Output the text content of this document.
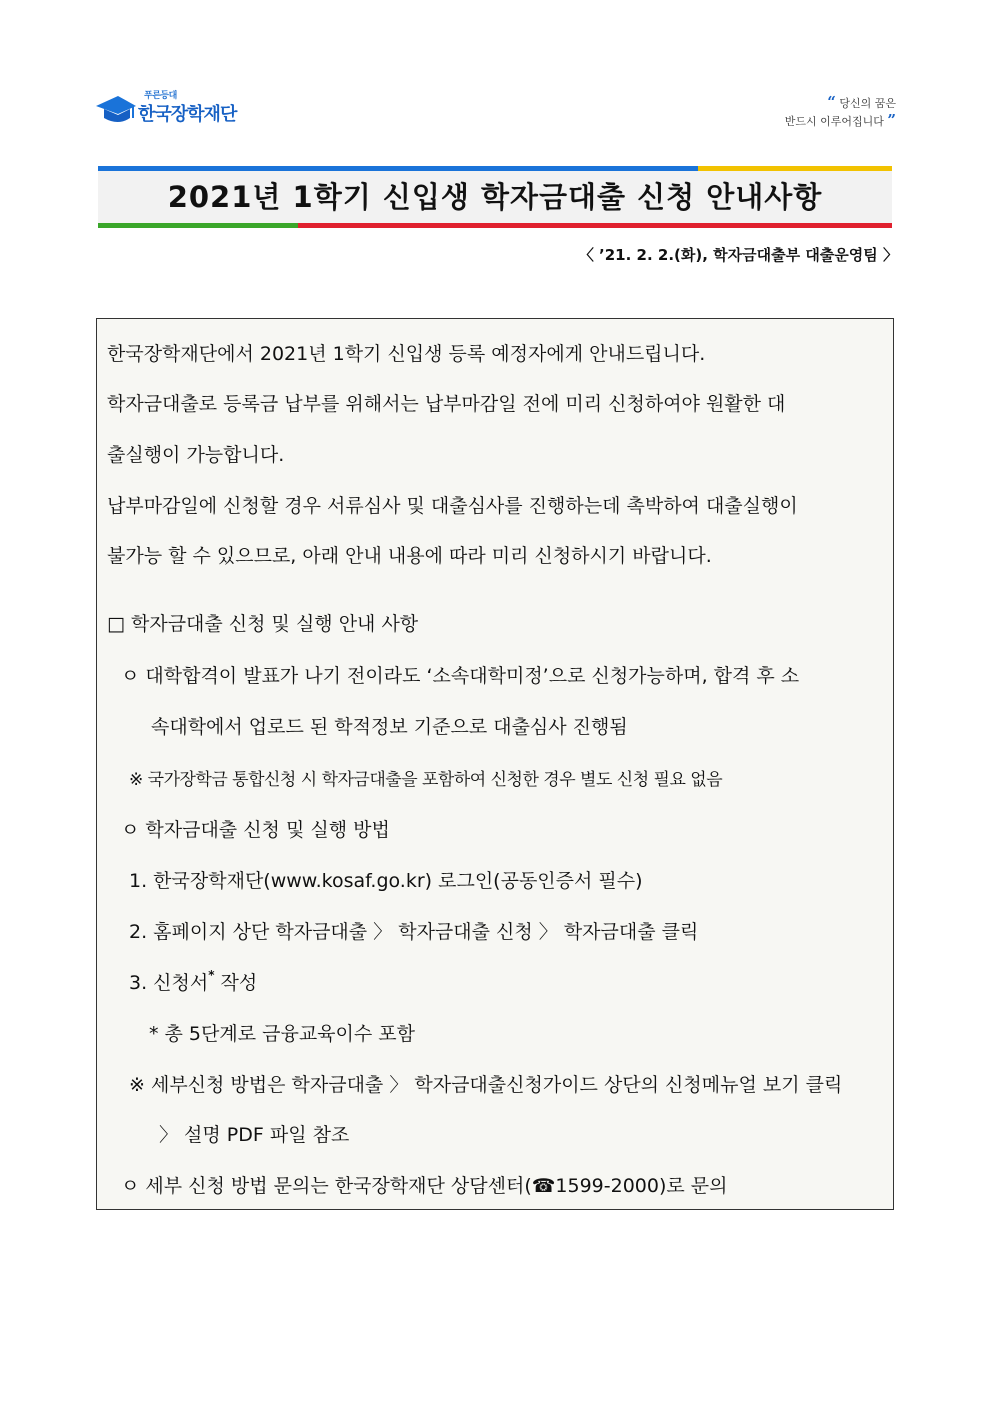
푸른등대
한국장학재단
“ 당신의 꿈은
반드시 이루어집니다 ”
2021년 1학기 신입생 학자금대출 신청 안내사항
〈 ’21. 2. 2.(화), 학자금대출부 대출운영팀 〉
한국장학재단에서 2021년 1학기 신입생 등록 예정자에게 안내드립니다.
학자금대출로 등록금 납부를 위해서는 납부마감일 전에 미리 신청하여야 원활한 대
출실행이 가능합니다.
납부마감일에 신청할 경우 서류심사 및 대출심사를 진행하는데 촉박하여 대출실행이
불가능 할 수 있으므로, 아래 안내 내용에 따라 미리 신청하시기 바랍니다.
□ 학자금대출 신청 및 실행 안내 사항
ㅇ 대학합격이 발표가 나기 전이라도 ‘소속대학미정’으로 신청가능하며, 합격 후 소
속대학에서 업로드 된 학적정보 기준으로 대출심사 진행됨
※ 국가장학금 통합신청 시 학자금대출을 포함하여 신청한 경우 별도 신청 필요 없음
ㅇ 학자금대출 신청 및 실행 방법
1. 한국장학재단(www.kosaf.go.kr) 로그인(공동인증서 필수)
2. 홈페이지 상단 학자금대출 〉 학자금대출 신청 〉 학자금대출 클릭
3. 신청서* 작성
* 총 5단계로 금융교육이수 포함
※ 세부신청 방법은 학자금대출 〉 학자금대출신청가이드 상단의 신청메뉴얼 보기 클릭
〉 설명 PDF 파일 참조
ㅇ 세부 신청 방법 문의는 한국장학재단 상담센터(☎1599-2000)로 문의
